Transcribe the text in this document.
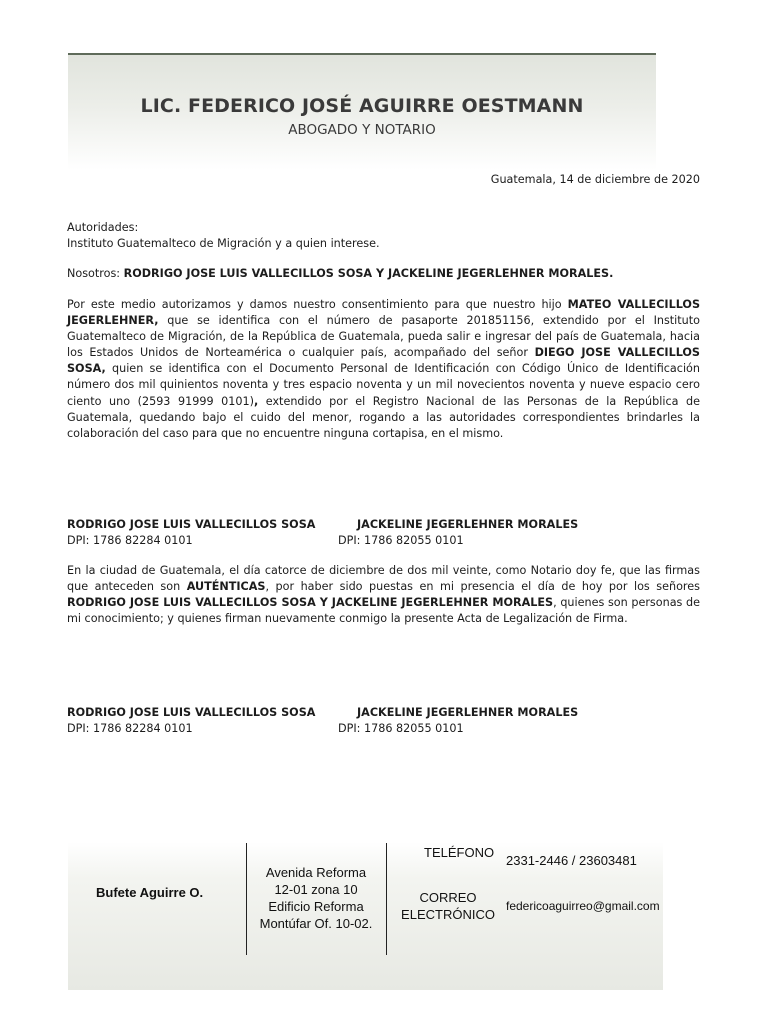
LIC. FEDERICO JOSÉ AGUIRRE OESTMANN
ABOGADO Y NOTARIO
Guatemala, 14 de diciembre de 2020
Autoridades:
Instituto Guatemalteco de Migración y a quien interese.
Nosotros: RODRIGO JOSE LUIS VALLECILLOS SOSA Y JACKELINE JEGERLEHNER MORALES.
Por este medio autorizamos y damos nuestro consentimiento para que nuestro hijo MATEO VALLECILLOS JEGERLEHNER, que se identifica con el número de pasaporte 201851156, extendido por el Instituto Guatemalteco de Migración, de la República de Guatemala, pueda salir e ingresar del país de Guatemala, hacia los Estados Unidos de Norteamérica o cualquier país, acompañado del señor DIEGO JOSE VALLECILLOS SOSA, quien se identifica con el Documento Personal de Identificación con Código Único de Identificación número dos mil quinientos noventa y tres espacio noventa y un mil novecientos noventa y nueve espacio cero ciento uno (2593 91999 0101), extendido por el Registro Nacional de las Personas de la República de Guatemala, quedando bajo el cuido del menor, rogando a las autoridades correspondientes brindarles la colaboración del caso para que no encuentre ninguna cortapisa, en el mismo.
RODRIGO JOSE LUIS VALLECILLOS SOSA
DPI: 1786 82284 0101
JACKELINE JEGERLEHNER MORALES
DPI: 1786 82055 0101
En la ciudad de Guatemala, el día catorce de diciembre de dos mil veinte, como Notario doy fe, que las firmas que anteceden son AUTÉNTICAS, por haber sido puestas en mi presencia el día de hoy por los señores RODRIGO JOSE LUIS VALLECILLOS SOSA Y JACKELINE JEGERLEHNER MORALES, quienes son personas de mi conocimiento; y quienes firman nuevamente conmigo la presente Acta de Legalización de Firma.
RODRIGO JOSE LUIS VALLECILLOS SOSA
DPI: 1786 82284 0101
JACKELINE JEGERLEHNER MORALES
DPI: 1786 82055 0101
Bufete Aguirre O.
Avenida Reforma
12-01 zona 10
Edificio Reforma
Montúfar Of. 10-02.
TELÉFONO
2331-2446 / 23603481
CORREO
ELECTRÓNICO
federicoaguirreo@gmail.com
